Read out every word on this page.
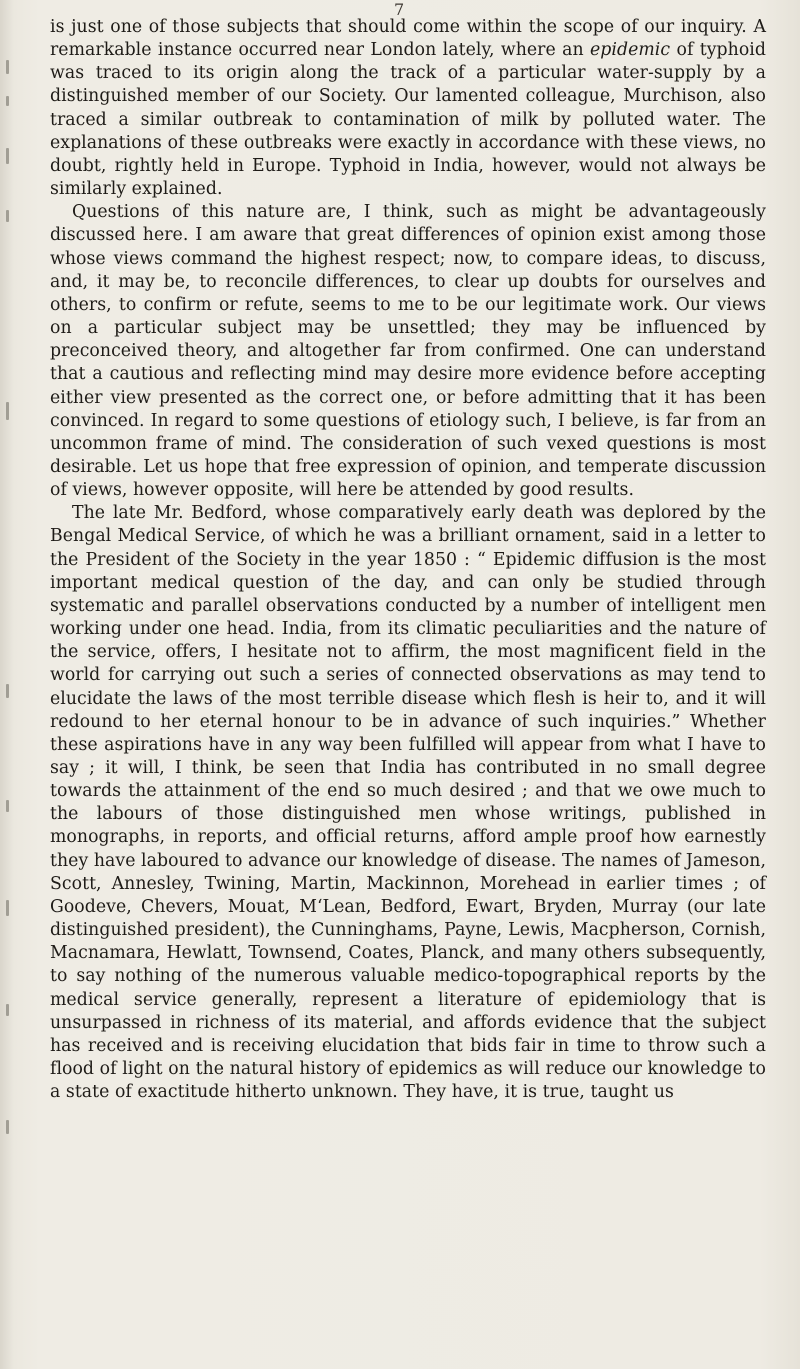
7

is just one of those subjects that should come within the scope of our inquiry. A remarkable instance occurred near London lately, where an epidemic of typhoid was traced to its origin along the track of a particular water-supply by a distinguished member of our Society. Our lamented colleague, Murchison, also traced a similar outbreak to contamination of milk by polluted water. The explanations of these outbreaks were exactly in accordance with these views, no doubt, rightly held in Europe. Typhoid in India, however, would not always be similarly explained.

Questions of this nature are, I think, such as might be advantageously discussed here. I am aware that great differences of opinion exist among those whose views command the highest respect; now, to compare ideas, to discuss, and, it may be, to reconcile differences, to clear up doubts for ourselves and others, to confirm or refute, seems to me to be our legitimate work. Our views on a particular subject may be unsettled; they may be influenced by preconceived theory, and altogether far from confirmed. One can understand that a cautious and reflecting mind may desire more evidence before accepting either view presented as the correct one, or before admitting that it has been convinced. In regard to some questions of etiology such, I believe, is far from an uncommon frame of mind. The consideration of such vexed questions is most desirable. Let us hope that free expression of opinion, and temperate discussion of views, however opposite, will here be attended by good results.

The late Mr. Bedford, whose comparatively early death was deplored by the Bengal Medical Service, of which he was a brilliant ornament, said in a letter to the President of the Society in the year 1850 : “ Epidemic diffusion is the most important medical question of the day, and can only be studied through systematic and parallel observations conducted by a number of intelligent men working under one head. India, from its climatic peculiarities and the nature of the service, offers, I hesitate not to affirm, the most magnificent field in the world for carrying out such a series of connected observations as may tend to elucidate the laws of the most terrible disease which flesh is heir to, and it will redound to her eternal honour to be in advance of such inquiries.” Whether these aspirations have in any way been fulfilled will appear from what I have to say ; it will, I think, be seen that India has contributed in no small degree towards the attainment of the end so much desired ; and that we owe much to the labours of those distinguished men whose writings, published in monographs, in reports, and official returns, afford ample proof how earnestly they have laboured to advance our knowledge of disease. The names of Jameson, Scott, Annesley, Twining, Martin, Mackinnon, Morehead in earlier times ; of Goodeve, Chevers, Mouat, M‘Lean, Bedford, Ewart, Bryden, Murray (our late distinguished president), the Cunninghams, Payne, Lewis, Macpherson, Cornish, Macnamara, Hewlatt, Townsend, Coates, Planck, and many others subsequently, to say nothing of the numerous valuable medico-topographical reports by the medical service generally, represent a literature of epidemiology that is unsurpassed in richness of its material, and affords evidence that the subject has received and is receiving elucidation that bids fair in time to throw such a flood of light on the natural history of epidemics as will reduce our knowledge to a state of exactitude hitherto unknown. They have, it is true, taught us
